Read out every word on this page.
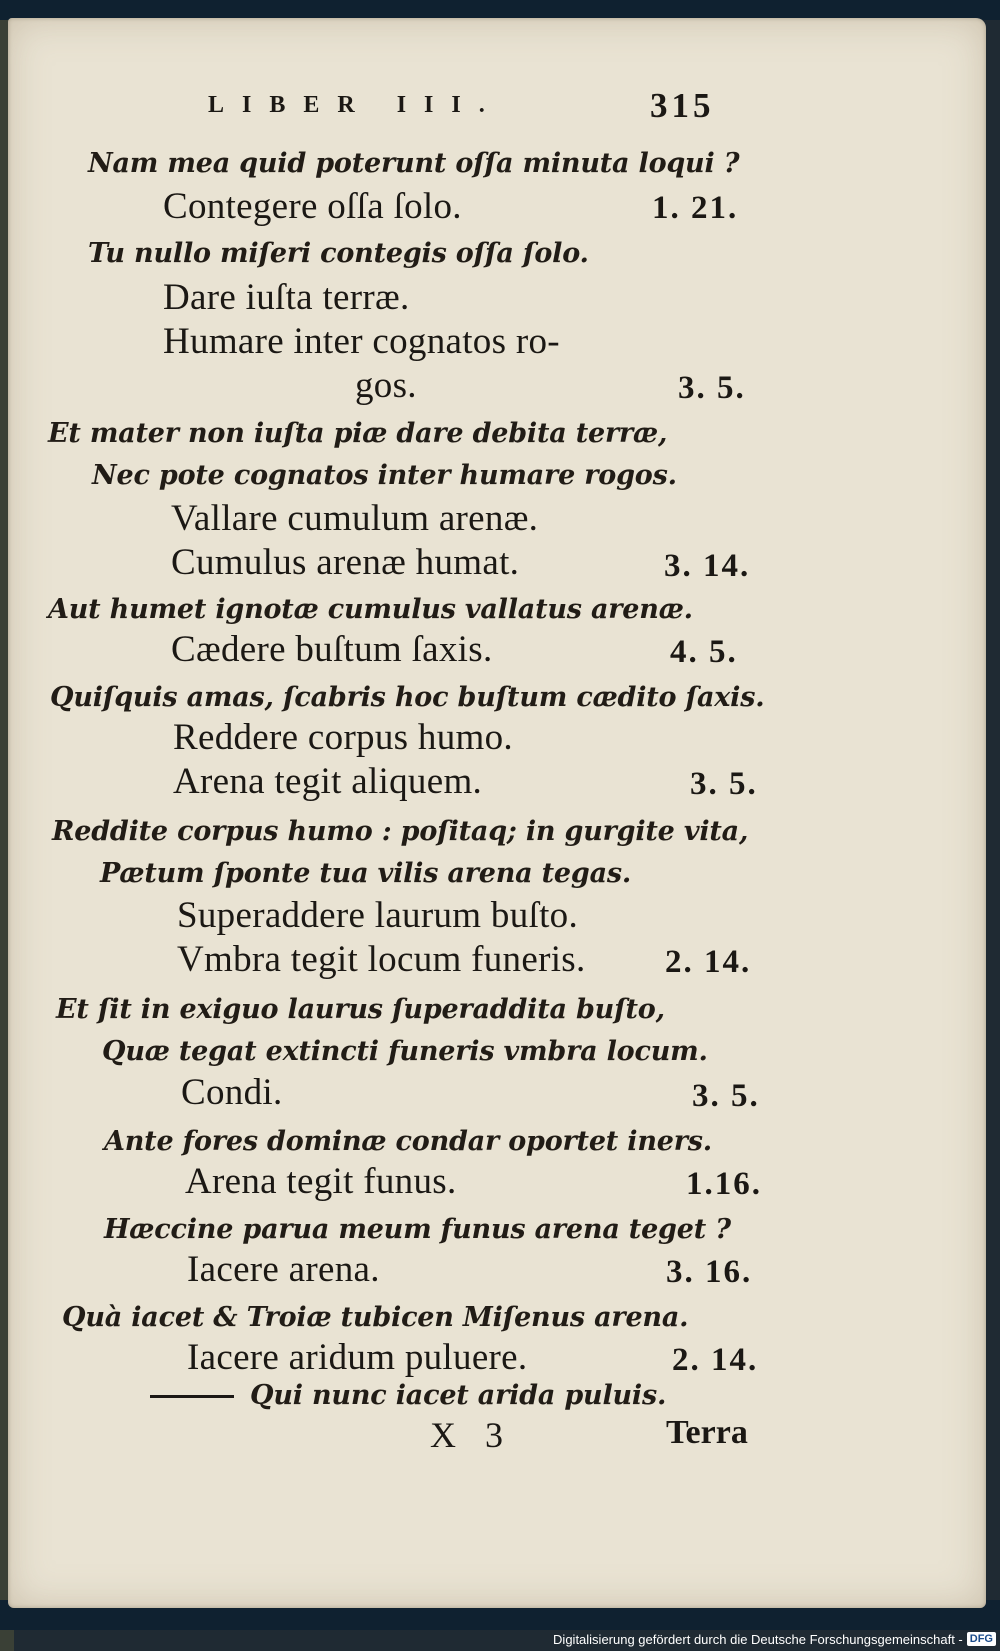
LIBER III.	315
Nam mea quid poterunt oſſa minuta loqui ?
Contegere oſſa ſolo.	1. 21.
Tu nullo miſeri contegis oſſa ſolo.
Dare iuſta terræ.
Humare inter cognatos ro-
gos.	3. 5.
Et mater non iuſta piæ dare debita terræ,
Nec pote cognatos inter humare rogos.
Vallare cumulum arenæ.
Cumulus arenæ humat.	3. 14.
Aut humet ignotæ cumulus vallatus arenæ.
Cædere buſtum ſaxis.	4. 5.
Quiſquis amas, ſcabris hoc buſtum cædito ſaxis.
Reddere corpus humo.
Arena tegit aliquem.	3. 5.
Reddite corpus humo : poſitaq; in gurgite vita,
Pætum ſponte tua vilis arena tegas.
Superaddere laurum buſto.
Vmbra tegit locum funeris. 2. 14.
Et ſit in exiguo laurus ſuperaddita buſto,
Quæ tegat extincti funeris vmbra locum.
Condi.	3. 5.
Ante fores dominæ condar oportet iners.
Arena tegit funus.	1.16.
Hæccine parua meum funus arena teget ?
Iacere arena.	3. 16.
Quà iacet & Troiæ tubicen Miſenus arena.
Iacere aridum puluere.	2. 14.
Qui nunc iacet arida puluis.
X 3	Terra
Digitalisierung gefördert durch die Deutsche Forschungsgemeinschaft - DFG
